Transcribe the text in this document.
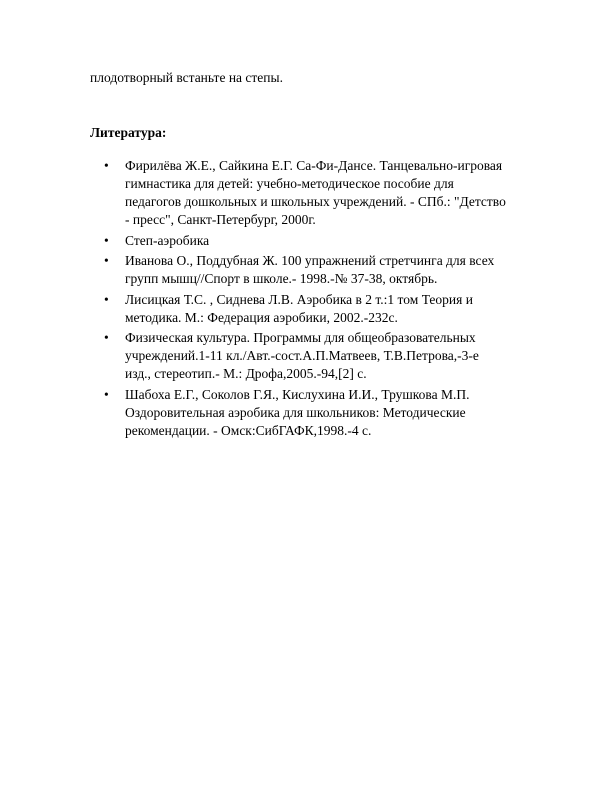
плодотворный встаньте на степы.
Литература:
•	Фирилёва Ж.Е., Сайкина Е.Г. Са-Фи-Дансе. Танцевально-игровая
гимнастика для детей: учебно-методическое пособие для
педагогов дошкольных и школьных учреждений. - СПб.: "Детство
- пресс", Санкт-Петербург, 2000г.
•	Степ-аэробика
•	Иванова О., Поддубная Ж. 100 упражнений стретчинга для всех
групп мышц//Спорт в школе.- 1998.-№ 37-38, октябрь.
•	Лисицкая Т.С. , Сиднева Л.В. Аэробика в 2 т.:1 том Теория и
методика. М.: Федерация аэробики, 2002.-232с.
•	Физическая культура. Программы для общеобразовательных
учреждений.1-11 кл./Авт.-сост.А.П.Матвеев, Т.В.Петрова,-3-е
изд., стереотип.- М.: Дрофа,2005.-94,[2] с.
•	Шабоха Е.Г., Соколов Г.Я., Кислухина И.И., Трушкова М.П.
Оздоровительная аэробика для школьников: Методические
рекомендации. - Омск:СибГАФК,1998.-4 с.
